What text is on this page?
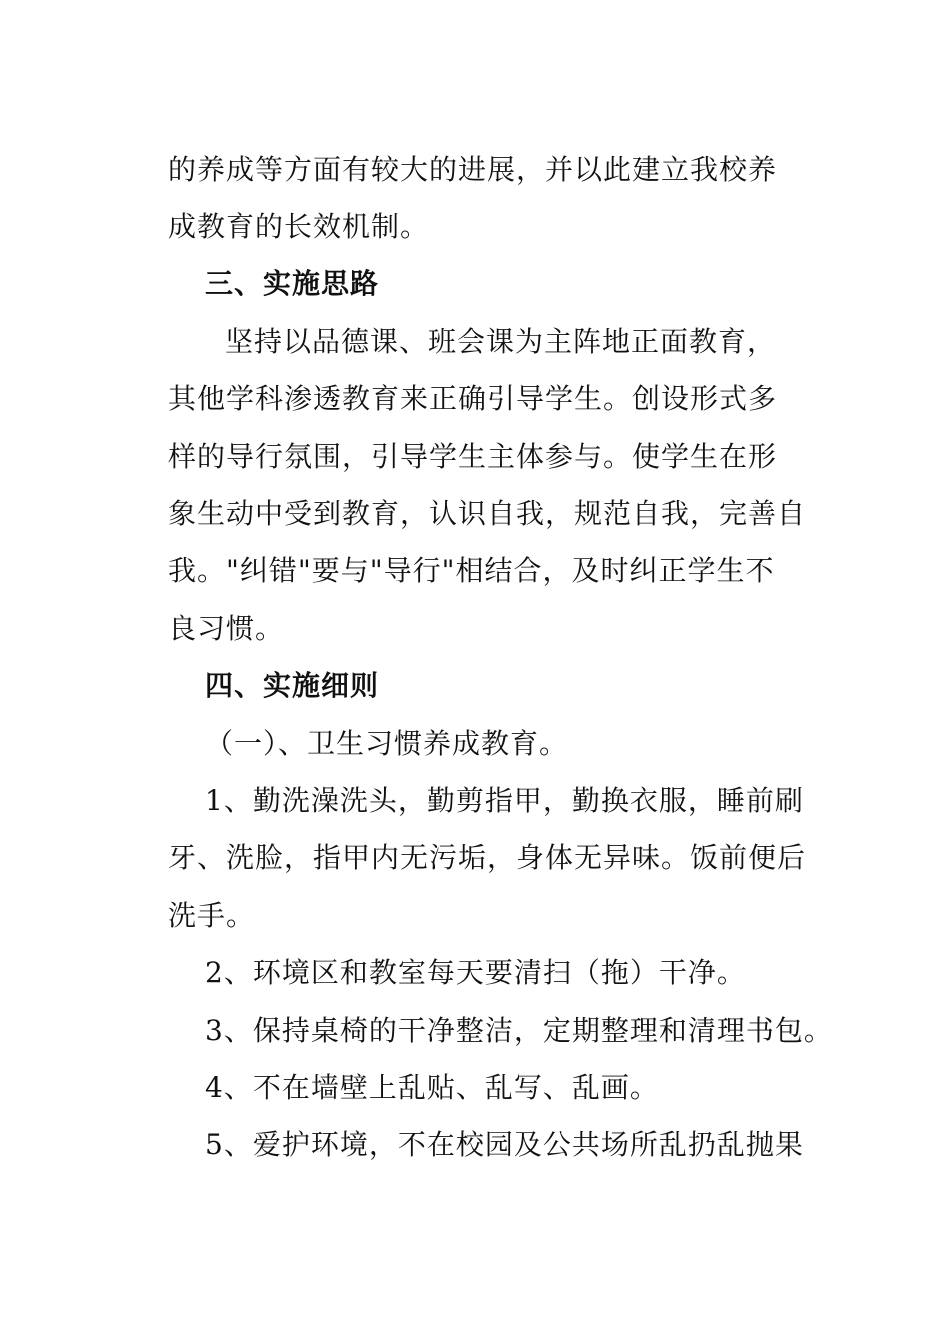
的养成等方面有较大的进展，并以此建立我校养
成教育的长效机制。
三、实施思路
坚持以品德课、班会课为主阵地正面教育，
其他学科渗透教育来正确引导学生。创设形式多
样的导行氛围，引导学生主体参与。使学生在形
象生动中受到教育，认识自我，规范自我，完善自
我。"纠错"要与"导行"相结合，及时纠正学生不
良习惯。
四、实施细则
（一）、卫生习惯养成教育。
1、勤洗澡洗头，勤剪指甲，勤换衣服，睡前刷
牙、洗脸，指甲内无污垢，身体无异味。饭前便后
洗手。
2、环境区和教室每天要清扫（拖）干净。
3、保持桌椅的干净整洁，定期整理和清理书包。
4、不在墙壁上乱贴、乱写、乱画。
5、爱护环境，不在校园及公共场所乱扔乱抛果
